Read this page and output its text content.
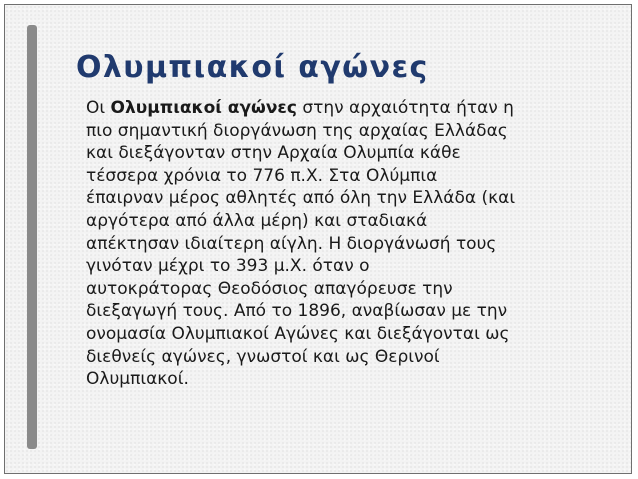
Ολυμπιακοί αγώνες
Οι Ολυμπιακοί αγώνες στην αρχαιότητα ήταν η
πιο σημαντική διοργάνωση της αρχαίας Ελλάδας
και διεξάγονταν στην Αρχαία Ολυμπία κάθε
τέσσερα χρόνια το 776 π.Χ. Στα Ολύμπια
έπαιρναν μέρος αθλητές από όλη την Ελλάδα (και
αργότερα από άλλα μέρη) και σταδιακά
απέκτησαν ιδιαίτερη αίγλη. Η διοργάνωσή τους
γινόταν μέχρι το 393 μ.Χ. όταν ο
αυτοκράτορας Θεοδόσιος απαγόρευσε την
διεξαγωγή τους. Από το 1896, αναβίωσαν με την
ονομασία Ολυμπιακοί Αγώνες και διεξάγονται ως
διεθνείς αγώνες, γνωστοί και ως Θερινοί
Ολυμπιακοί.
